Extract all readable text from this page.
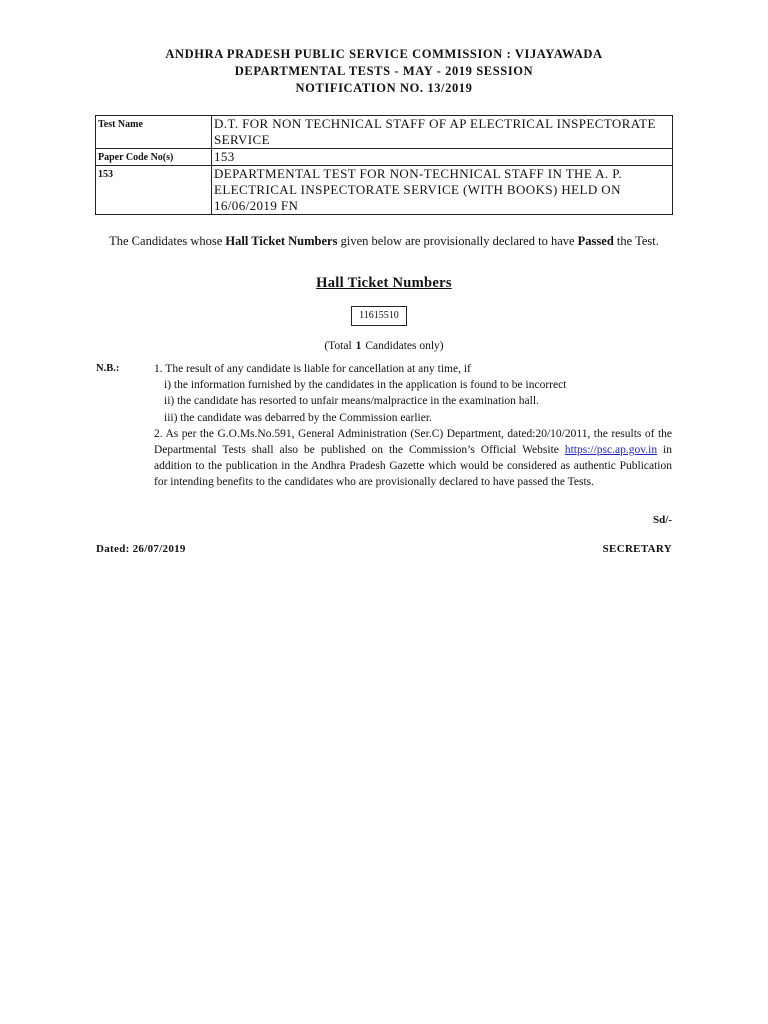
ANDHRA PRADESH PUBLIC SERVICE COMMISSION : VIJAYAWADA
DEPARTMENTAL TESTS - MAY - 2019 SESSION
NOTIFICATION NO. 13/2019
Test Name	D.T. FOR NON TECHNICAL STAFF OF AP ELECTRICAL INSPECTORATE SERVICE
Paper Code No(s)	153
153	DEPARTMENTAL TEST FOR NON-TECHNICAL STAFF IN THE A. P. ELECTRICAL INSPECTORATE SERVICE (WITH BOOKS) HELD ON 16/06/2019 FN
The Candidates whose Hall Ticket Numbers given below are provisionally declared to have Passed the Test.
Hall Ticket Numbers
11615510
(Total 1 Candidates only)
N.B.:	1. The result of any candidate is liable for cancellation at any time, if

i) the information furnished by the candidates in the application is found to be incorrect

ii) the candidate has resorted to unfair means/malpractice in the examination hall.

iii) the candidate was debarred by the Commission earlier.

2. As per the G.O.Ms.No.591, General Administration (Ser.C) Department, dated:20/10/2011, the results of the Departmental Tests shall also be published on the Commission’s Official Website https://psc.ap.gov.in in addition to the publication in the Andhra Pradesh Gazette which would be considered as authentic Publication for intending benefits to the candidates who are provisionally declared to have passed the Tests.

Sd/-
Dated: 26/07/2019	SECRETARY
